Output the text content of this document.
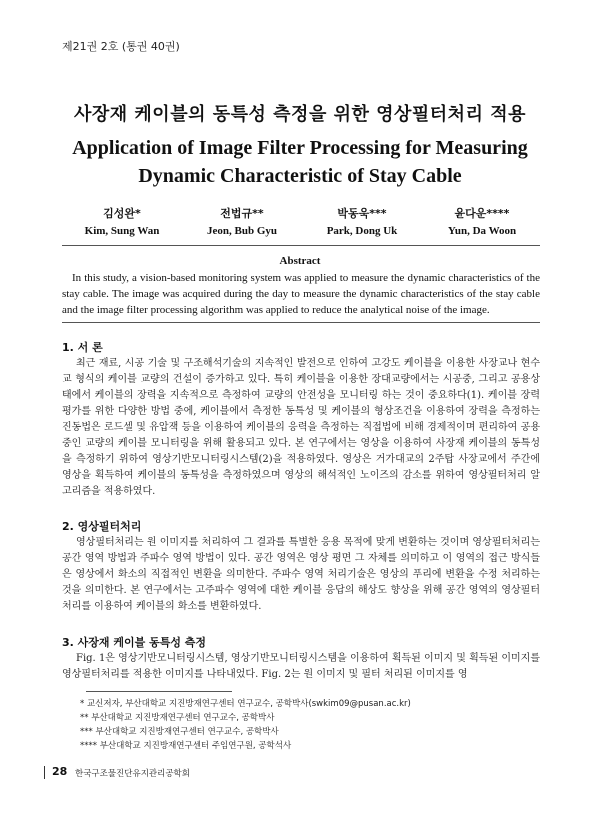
제21권 2호 (통권 40권)
사장재 케이블의 동특성 측정을 위한 영상필터처리 적용
Application of Image Filter Processing for Measuring Dynamic Characteristic of Stay Cable
김성완*
Kim, Sung Wan
전법규**
Jeon, Bub Gyu
박동욱***
Park, Dong Uk
윤다운****
Yun, Da Woon
Abstract
In this study, a vision-based monitoring system was applied to measure the dynamic characteristics of the stay cable. The image was acquired during the day to measure the dynamic characteristics of the stay cable and the image filter processing algorithm was applied to reduce the analytical noise of the image.
1. 서 론
최근 재료, 시공 기술 및 구조해석기술의 지속적인 발전으로 인하여 고강도 케이블을 이용한 사장교나 현수교 형식의 케이블 교량의 건설이 증가하고 있다. 특히 케이블을 이용한 장대교량에서는 시공중, 그리고 공용상태에서 케이블의 장력을 지속적으로 측정하여 교량의 안전성을 모니터링 하는 것이 중요하다(1). 케이블 장력 평가를 위한 다양한 방법 중에, 케이블에서 측정한 동특성 및 케이블의 형상조건을 이용하여 장력을 측정하는 진동법은 로드셀 및 유압잭 등을 이용하여 케이블의 응력을 측정하는 직접법에 비해 경제적이며 편리하여 공용중인 교량의 케이블 모니터링을 위해 활용되고 있다. 본 연구에서는 영상을 이용하여 사장재 케이블의 동특성을 측정하기 위하여 영상기반모니터링시스템(2)을 적용하였다. 영상은 거가대교의 2주탑 사장교에서 주간에 영상을 획득하여 케이블의 동특성을 측정하였으며 영상의 해석적인 노이즈의 감소를 위하여 영상필터처리 알고리즘을 적용하였다.
2. 영상필터처리
영상필터처리는 원 이미지를 처리하여 그 결과를 특별한 응용 목적에 맞게 변환하는 것이며 영상필터처리는 공간 영역 방법과 주파수 영역 방법이 있다. 공간 영역은 영상 평면 그 자체를 의미하고 이 영역의 접근 방식들은 영상에서 화소의 직접적인 변환을 의미한다. 주파수 영역 처리기술은 영상의 푸리에 변환을 수정 처리하는 것을 의미한다. 본 연구에서는 고주파수 영역에 대한 케이블 응답의 해상도 향상을 위해 공간 영역의 영상필터처리를 이용하여 케이블의 화소를 변환하였다.
3. 사장재 케이블 동특성 측정
Fig. 1은 영상기반모니터링시스템, 영상기반모니터링시스템을 이용하여 획득된 이미지 및 획득된 이미지를 영상필터처리를 적용한 이미지를 나타내었다. Fig. 2는 원 이미지 및 필터 처리된 이미지를 영
* 교신저자, 부산대학교 지진방재연구센터 연구교수, 공학박사(swkim09@pusan.ac.kr)
** 부산대학교 지진방재연구센터 연구교수, 공학박사
*** 부산대학교 지진방재연구센터 연구교수, 공학박사
**** 부산대학교 지진방재연구센터 주임연구원, 공학석사
28 한국구조물진단유지관리공학회
